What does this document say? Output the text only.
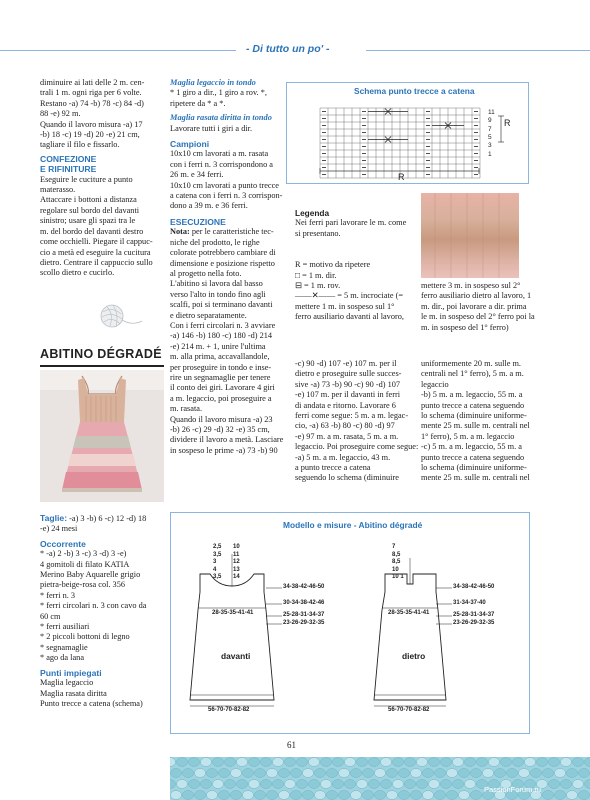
- Di tutto un po' -
diminuire ai lati delle 2 m. cen-
trali 1 m. ogni riga per 6 volte.
Restano -a) 74 -b) 78 -c) 84 -d)
88 -e) 92 m.
Quando il lavoro misura -a) 17
-b) 18 -c) 19 -d) 20 -e) 21 cm,
tagliare il filo e fissarlo.
CONFEZIONE
E RIFINITURE
Eseguire le cuciture a punto
materasso.
Attaccare i bottoni a distanza
regolare sul bordo del davanti
sinistro; usare gli spazi tra le
m. del bordo del davanti destro
come occhielli. Piegare il cappuc-
cio a metà ed eseguire la cucitura
dietro. Centrare il cappuccio sullo
scollo dietro e cucirlo.
ABITINO DÉGRADÉ
Taglie: -a) 3 -b) 6 -c) 12 -d) 18
-e) 24 mesi
Occorrente
* -a) 2 -b) 3 -c) 3 -d) 3 -e)
4 gomitoli di filato KATIA
Merino Baby Aquarelle grigio
pietra-beige-rosa col. 356
* ferri n. 3
* ferri circolari n. 3 con cavo da
60 cm
* ferri ausiliari
* 2 piccoli bottoni di legno
* segnamaglie
* ago da lana
Punti impiegati
Maglia legaccio
Maglia rasata diritta
Punto trecce a catena (schema)
Maglia legaccio in tondo
* 1 giro a dir., 1 giro a rov. *,
ripetere da * a *.
Maglia rasata diritta in tondo
Lavorare tutti i giri a dir.
Campioni
10x10 cm lavorati a m. rasata
con i ferri n. 3 corrispondono a
26 m. e 34 ferri.
10x10 cm lavorati a punto trecce
a catena con i ferri n. 3 corrispon-
dono a 39 m. e 36 ferri.
ESECUZIONE
Nota: per le caratteristiche tec-
niche del prodotto, le righe
colorate potrebbero cambiare di
dimensione e posizione rispetto
al progetto nella foto.
L'abitino si lavora dal basso
verso l'alto in tondo fino agli
scalfi, poi si terminano davanti
e dietro separatamente.
Con i ferri circolari n. 3 avviare
-a) 146 -b) 180 -c) 180 -d) 214
-e) 214 m. + 1, unire l'ultima
m. alla prima, accavallandole,
per proseguire in tondo e inse-
rire un segnamaglie per tenere
il conto dei giri. Lavorare 4 giri
a m. legaccio, poi proseguire a
m. rasata.
Quando il lavoro misura -a) 23
-b) 26 -c) 29 -d) 32 -e) 35 cm,
dividere il lavoro a metà. Lasciare
in sospeso le prime -a) 73 -b) 90
Schema punto trecce a catena
11
9
7
5
3
1
R
R
Legenda
Nei ferri pari lavorare le m. come
si presentano.
R = motivo da ripetere
□ = 1 m. dir.
⊟ = 1 m. rov.
——✕—— = 5 m. incrociate (=
mettere 1 m. in sospeso sul 1°
ferro ausiliario davanti al lavoro,
mettere 3 m. in sospeso sul 2°
ferro ausiliario dietro al lavoro, 1
m. dir., poi lavorare a dir. prima
le m. in sospeso del 2° ferro poi la
m. in sospeso del 1° ferro)
-c) 90 -d) 107 -e) 107 m. per il
dietro e proseguire sulle succes-
sive -a) 73 -b) 90 -c) 90 -d) 107
-e) 107 m. per il davanti in ferri
di andata e ritorno. Lavorare 6
ferri come segue: 5 m. a m. legac-
cio, -a) 63 -b) 80 -c) 80 -d) 97
-e) 97 m. a m. rasata, 5 m. a m.
legaccio. Poi proseguire come segue:
-a) 5 m. a m. legaccio, 43 m.
a punto trecce a catena
seguendo lo schema (diminuire
uniformemente 20 m. sulle m.
centrali nel 1° ferro), 5 m. a m.
legaccio
-b) 5 m. a m. legaccio, 55 m. a
punto trecce a catena seguendo
lo schema (diminuire uniforme-
mente 25 m. sulle m. centrali nel
1° ferro), 5 m. a m. legaccio
-c) 5 m. a m. legaccio, 55 m. a
punto trecce a catena seguendo
lo schema (diminuire uniforme-
mente 25 m. sulle m. centrali nel
Modello e misure - Abitino dégradé
2,5 10
3,5 11
3	12
4	13
3,5 14
7
8,5
8,5
10
10 1
28-35-35-41-41	28-35-35-41-41
34-38-42-46-50
30-34-38-42-46
25-28-31-34-37
23-26-29-32-35
34-38-42-46-50
31-34-37-40
25-28-31-34-37
23-26-29-32-35
davanti	dietro
56-70-70-82-82	56-70-70-82-82
61
PassionForum.ru
